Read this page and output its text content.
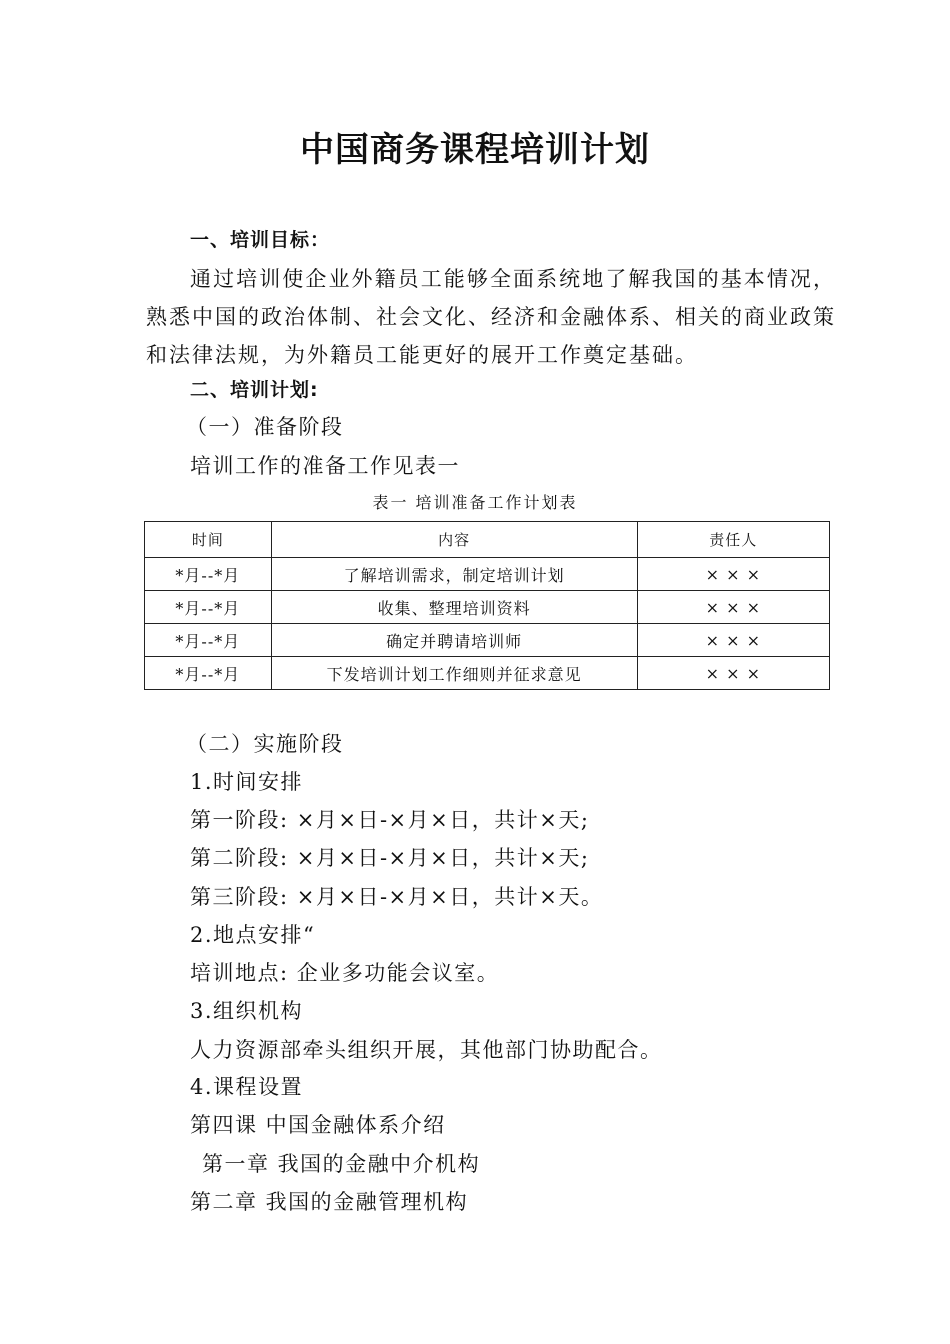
中国商务课程培训计划
一、培训目标：
通过培训使企业外籍员工能够全面系统地了解我国的基本情况，熟悉中国的政治体制、社会文化、经济和金融体系、相关的商业政策和法律法规，为外籍员工能更好的展开工作奠定基础。
二、培训计划:
（一）准备阶段
培训工作的准备工作见表一
表一 培训准备工作计划表
时间	内容	责任人
*月--*月	了解培训需求，制定培训计划	× × ×
*月--*月	收集、整理培训资料	× × ×
*月--*月	确定并聘请培训师	× × ×
*月--*月	下发培训计划工作细则并征求意见	× × ×
（二）实施阶段
1.时间安排
第一阶段: ×月×日-×月×日，共计×天;
第二阶段: ×月×日-×月×日，共计×天;
第三阶段: ×月×日-×月×日，共计×天。
2.地点安排“
培训地点: 企业多功能会议室。
3.组织机构
人力资源部牵头组织开展，其他部门协助配合。
4.课程设置
第四课 中国金融体系介绍
第一章 我国的金融中介机构
第二章 我国的金融管理机构
